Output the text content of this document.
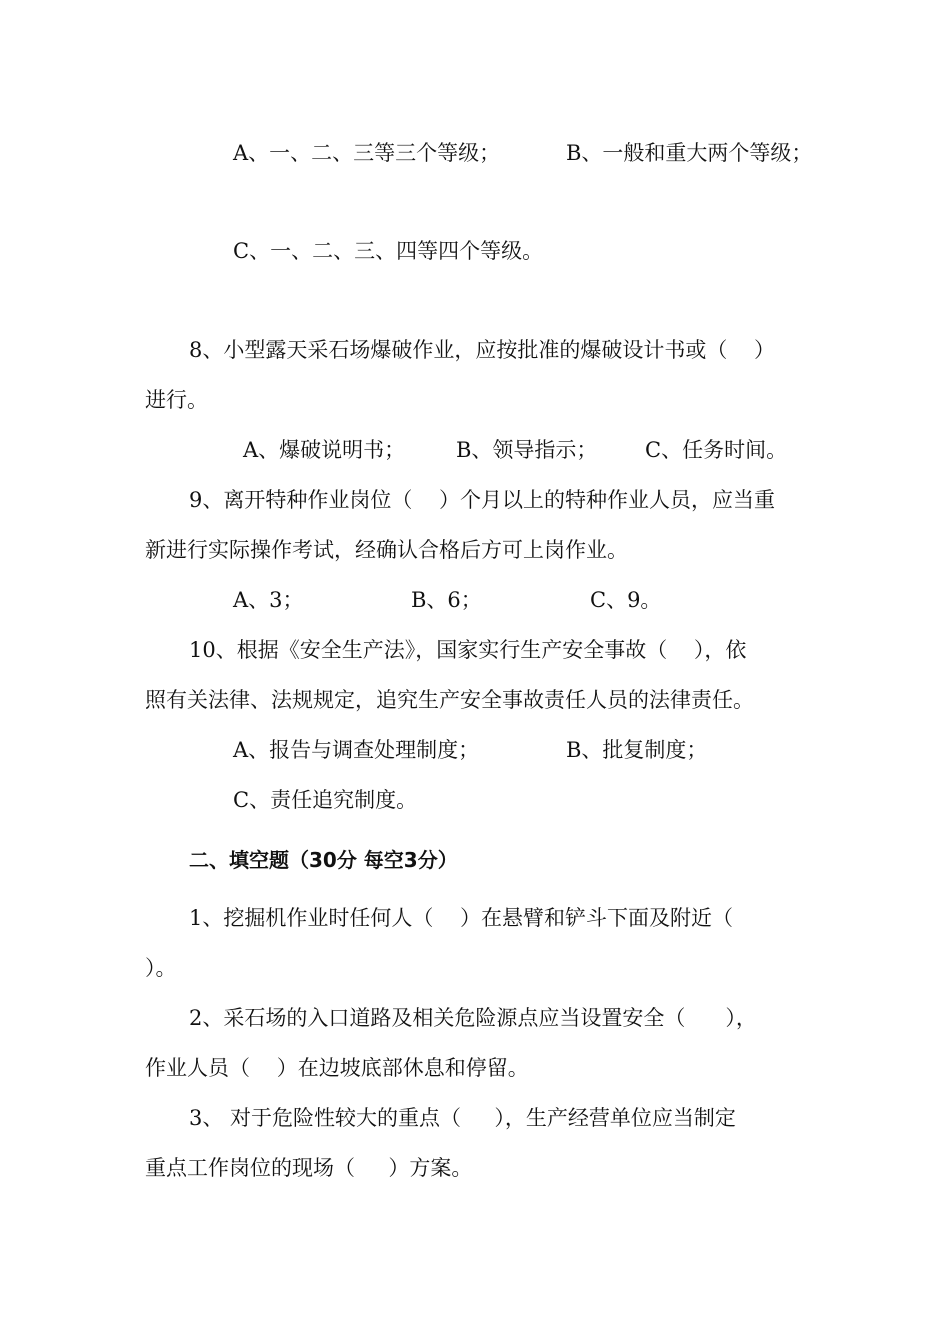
A、一、二、三等三个等级；	B、一般和重大两个等级；

C、一、二、三、四等四个等级。

8、小型露天采石场爆破作业，应按批准的爆破设计书或（    ）

进行。

A、爆破说明书； B、领导指示； C、任务时间。

9、离开特种作业岗位（    ）个月以上的特种作业人员，应当重

新进行实际操作考试，经确认合格后方可上岗作业。

A、3；	B、6；	C、9。

10、根据《安全生产法》，国家实行生产安全事故（    ），依

照有关法律、法规规定，追究生产安全事故责任人员的法律责任。

A、报告与调查处理制度；	B、批复制度；

C、责任追究制度。

二、填空题（30分 每空3分）

1、挖掘机作业时任何人（    ）在悬臂和铲斗下面及附近（

）。

2、采石场的入口道路及相关危险源点应当设置安全（      ），

作业人员（    ）在边坡底部休息和停留。

3、 对于危险性较大的重点（     ），生产经营单位应当制定

重点工作岗位的现场（     ）方案。
